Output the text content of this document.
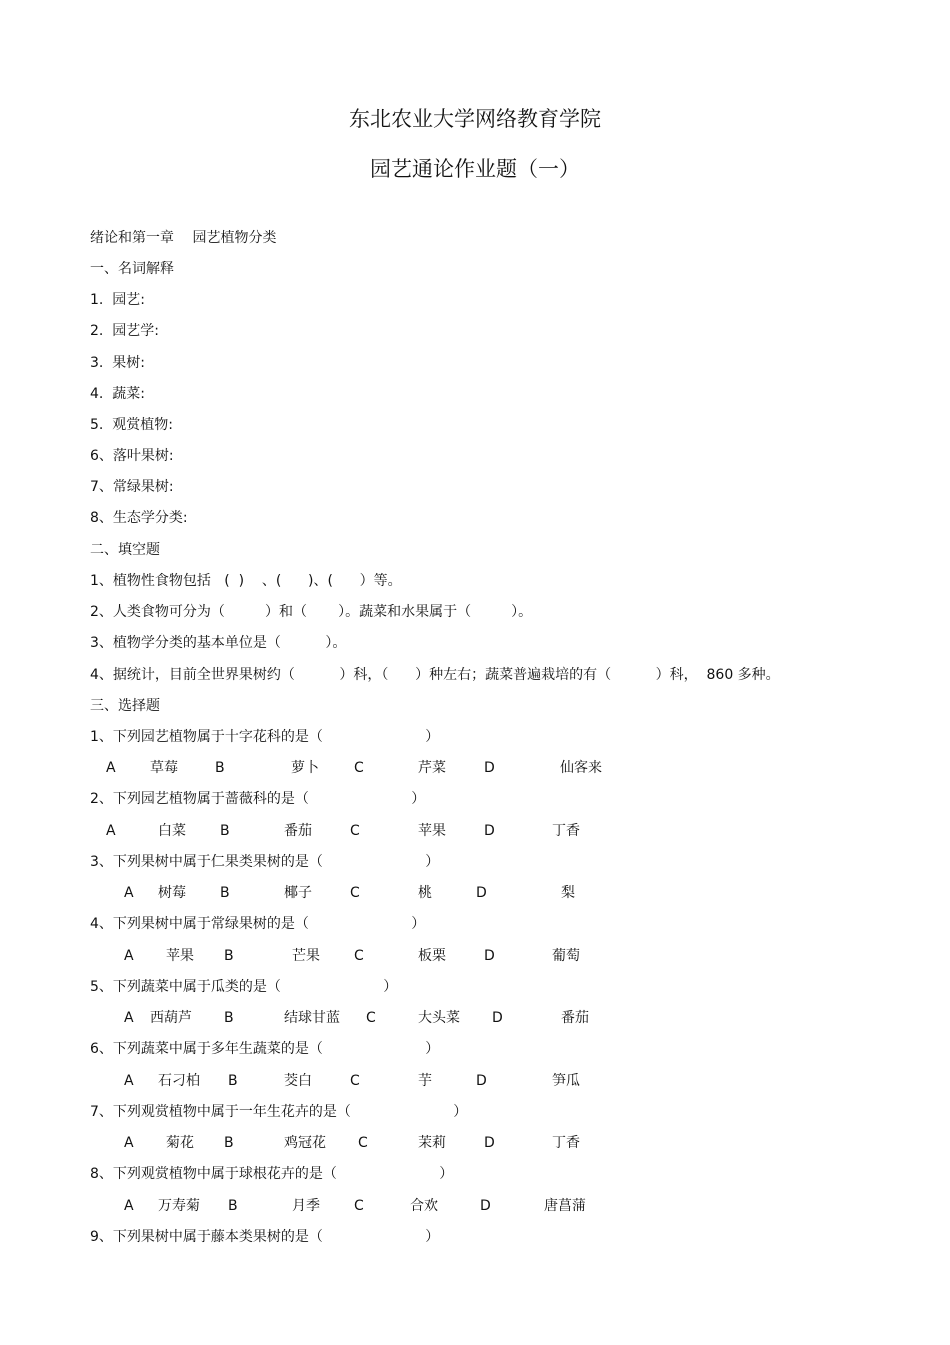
东北农业大学网络教育学院
园艺通论作业题（一）
绪论和第一章　 园艺植物分类
一、名词解释
1.  园艺:
2.  园艺学:
3.  果树:
4.  蔬菜:
5.  观赏植物:
6、落叶果树:
7、常绿果树:
8、生态学分类:
二、填空题
1、植物性食物包括   (  )    、(      )、(      ）等。
2、人类食物可分为（         ）和（       ）。蔬菜和水果属于（         ）。
3、植物学分类的基本单位是（          ）。
4、据统计，目前全世界果树约（          ）科，（      ）种左右；蔬菜普遍栽培的有（          ）科，  860 多种。
三、选择题
1、下列园艺植物属于十字花科的是（                       ）
A 草莓	B	萝卜	C	芹菜	D	仙客来
2、下列园艺植物属于蔷薇科的是（                       ）
A	白菜 B	番茄	C	苹果	D	丁香
3、下列果树中属于仁果类果树的是（                       ）
A 树莓 B	椰子	C	桃	D	梨
4、下列果树中属于常绿果树的是（                       ）
A 苹果 B	芒果 C	板栗	D	葡萄
5、下列蔬菜中属于瓜类的是（                       ）
A 西葫芦 B	结球甘蓝 C	大头菜 D	番茄
6、下列蔬菜中属于多年生蔬菜的是（                       ）
A 石刁柏 B	茭白	C	芋	D	笋瓜
7、下列观赏植物中属于一年生花卉的是（                       ）
A 菊花 B	鸡冠花 C	茉莉	D	丁香
8、下列观赏植物中属于球根花卉的是（                       ）
A 万寿菊 B	月季 C	合欢	D	唐菖蒲
9、下列果树中属于藤本类果树的是（                       ）
